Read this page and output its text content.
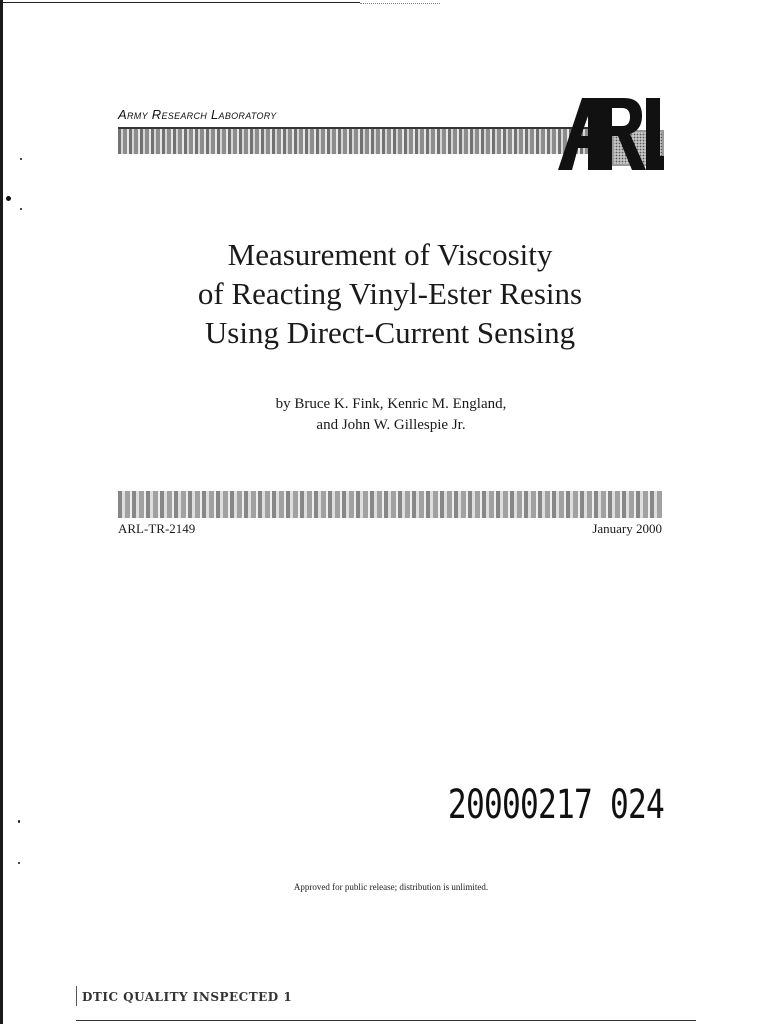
Army Research Laboratory
Measurement of Viscosity
of Reacting Vinyl-Ester Resins
Using Direct-Current Sensing
by Bruce K. Fink, Kenric M. England,
and John W. Gillespie Jr.
ARL-TR-2149	January 2000
20000217 024
Approved for public release; distribution is unlimited.
DTIC QUALITY INSPECTED 1
